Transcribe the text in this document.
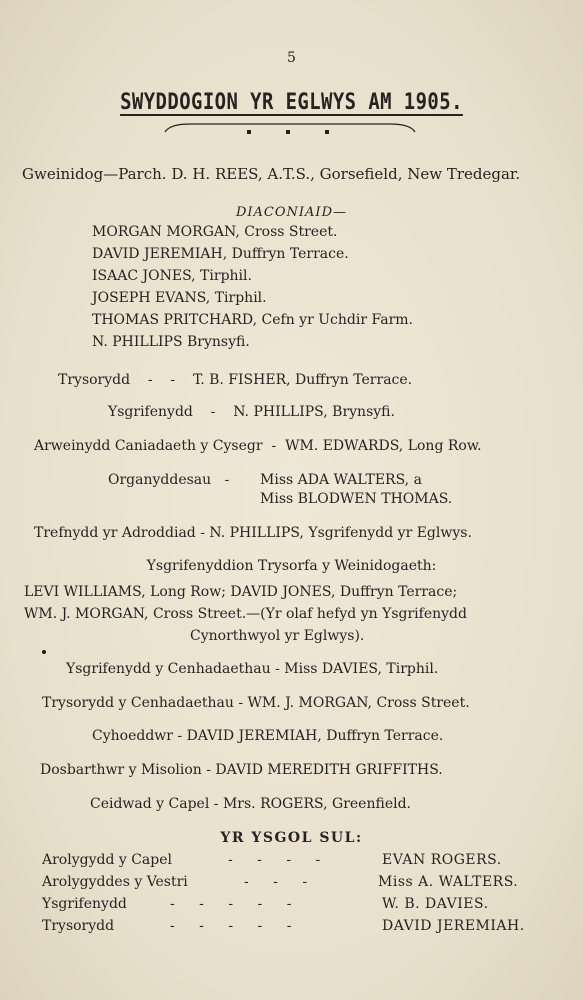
5
SWYDDOGION YR EGLWYS AM 1905.
Gweinidog—Parch. D. H. REES, A.T.S., Gorsefield, New Tredegar.
DIACONIAID—
MORGAN MORGAN, Cross Street.
DAVID JEREMIAH, Duffryn Terrace.
ISAAC JONES, Tirphil.
JOSEPH EVANS, Tirphil.
THOMAS PRITCHARD, Cefn yr Uchdir Farm.
N. PHILLIPS Brynsyfi.
Trysorydd    -    -    T. B. FISHER, Duffryn Terrace.
Ysgrifenydd    -    N. PHILLIPS, Brynsyfi.
Arweinydd Caniadaeth y Cysegr  -  WM. EDWARDS, Long Row.
Organyddesau   - Miss ADA WALTERS, a
Miss BLODWEN THOMAS.
Trefnydd yr Adroddiad - N. PHILLIPS, Ysgrifenydd yr Eglwys.
Ysgrifenyddion Trysorfa y Weinidogaeth:
LEVI WILLIAMS, Long Row; DAVID JONES, Duffryn Terrace;
WM. J. MORGAN, Cross Street.—(Yr olaf hefyd yn Ysgrifenydd
Cynorthwyol yr Eglwys).
Ysgrifenydd y Cenhadaethau - Miss DAVIES, Tirphil.
Trysorydd y Cenhadaethau - WM. J. MORGAN, Cross Street.
Cyhoeddwr - DAVID JEREMIAH, Duffryn Terrace.
Dosbarthwr y Misolion - DAVID MEREDITH GRIFFITHS.
Ceidwad y Capel - Mrs. ROGERS, Greenfield.
YR YSGOL SUL:
Arolygydd y Capel	- - - -	EVAN ROGERS.
Arolygyddes y Vestri	- - -	Miss A. WALTERS.
Ysgrifenydd	- - - - -	W. B. DAVIES.
Trysorydd	- - - - -	DAVID JEREMIAH.
